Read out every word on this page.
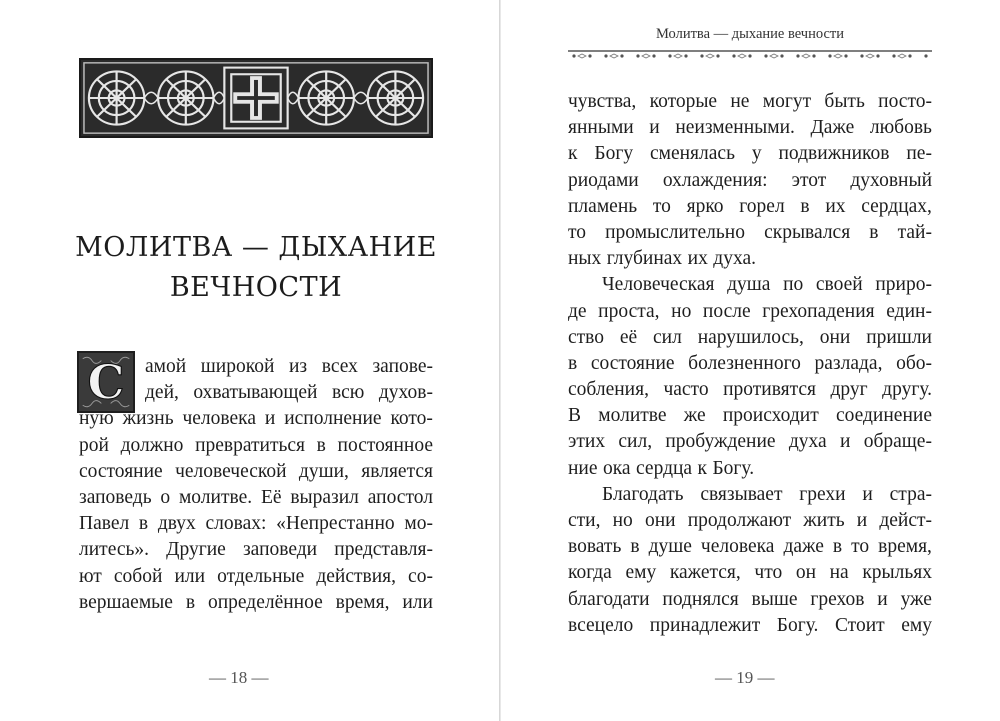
МОЛИТВА — ДЫХАНИЕ
ВЕЧНОСТИ
С амой широкой из всех запове-
дей, охватывающей всю духов-
ную жизнь человека и исполнение кото-
рой должно превратиться в постоянное
состояние человеческой души, является
заповедь о молитве. Её выразил апостол
Павел в двух словах: «Непрестанно мо-
литесь». Другие заповеди представля-
ют собой или отдельные действия, со-
вершаемые в определённое время, или
— 18 —
Молитва — дыхание вечности
чувства, которые не могут быть посто-
янными и неизменными. Даже любовь
к Богу сменялась у подвижников пе-
риодами охлаждения: этот духовный
пламень то ярко горел в их сердцах,
то промыслительно скрывался в тай-
ных глубинах их духа.
Человеческая душа по своей приро-
де проста, но после грехопадения един-
ство её сил нарушилось, они пришли
в состояние болезненного разлада, обо-
собления, часто противятся друг другу.
В молитве же происходит соединение
этих сил, пробуждение духа и обраще-
ние ока сердца к Богу.
Благодать связывает грехи и стра-
сти, но они продолжают жить и дейст-
вовать в душе человека даже в то время,
когда ему кажется, что он на крыльях
благодати поднялся выше грехов и уже
всецело принадлежит Богу. Стоит ему
— 19 —
